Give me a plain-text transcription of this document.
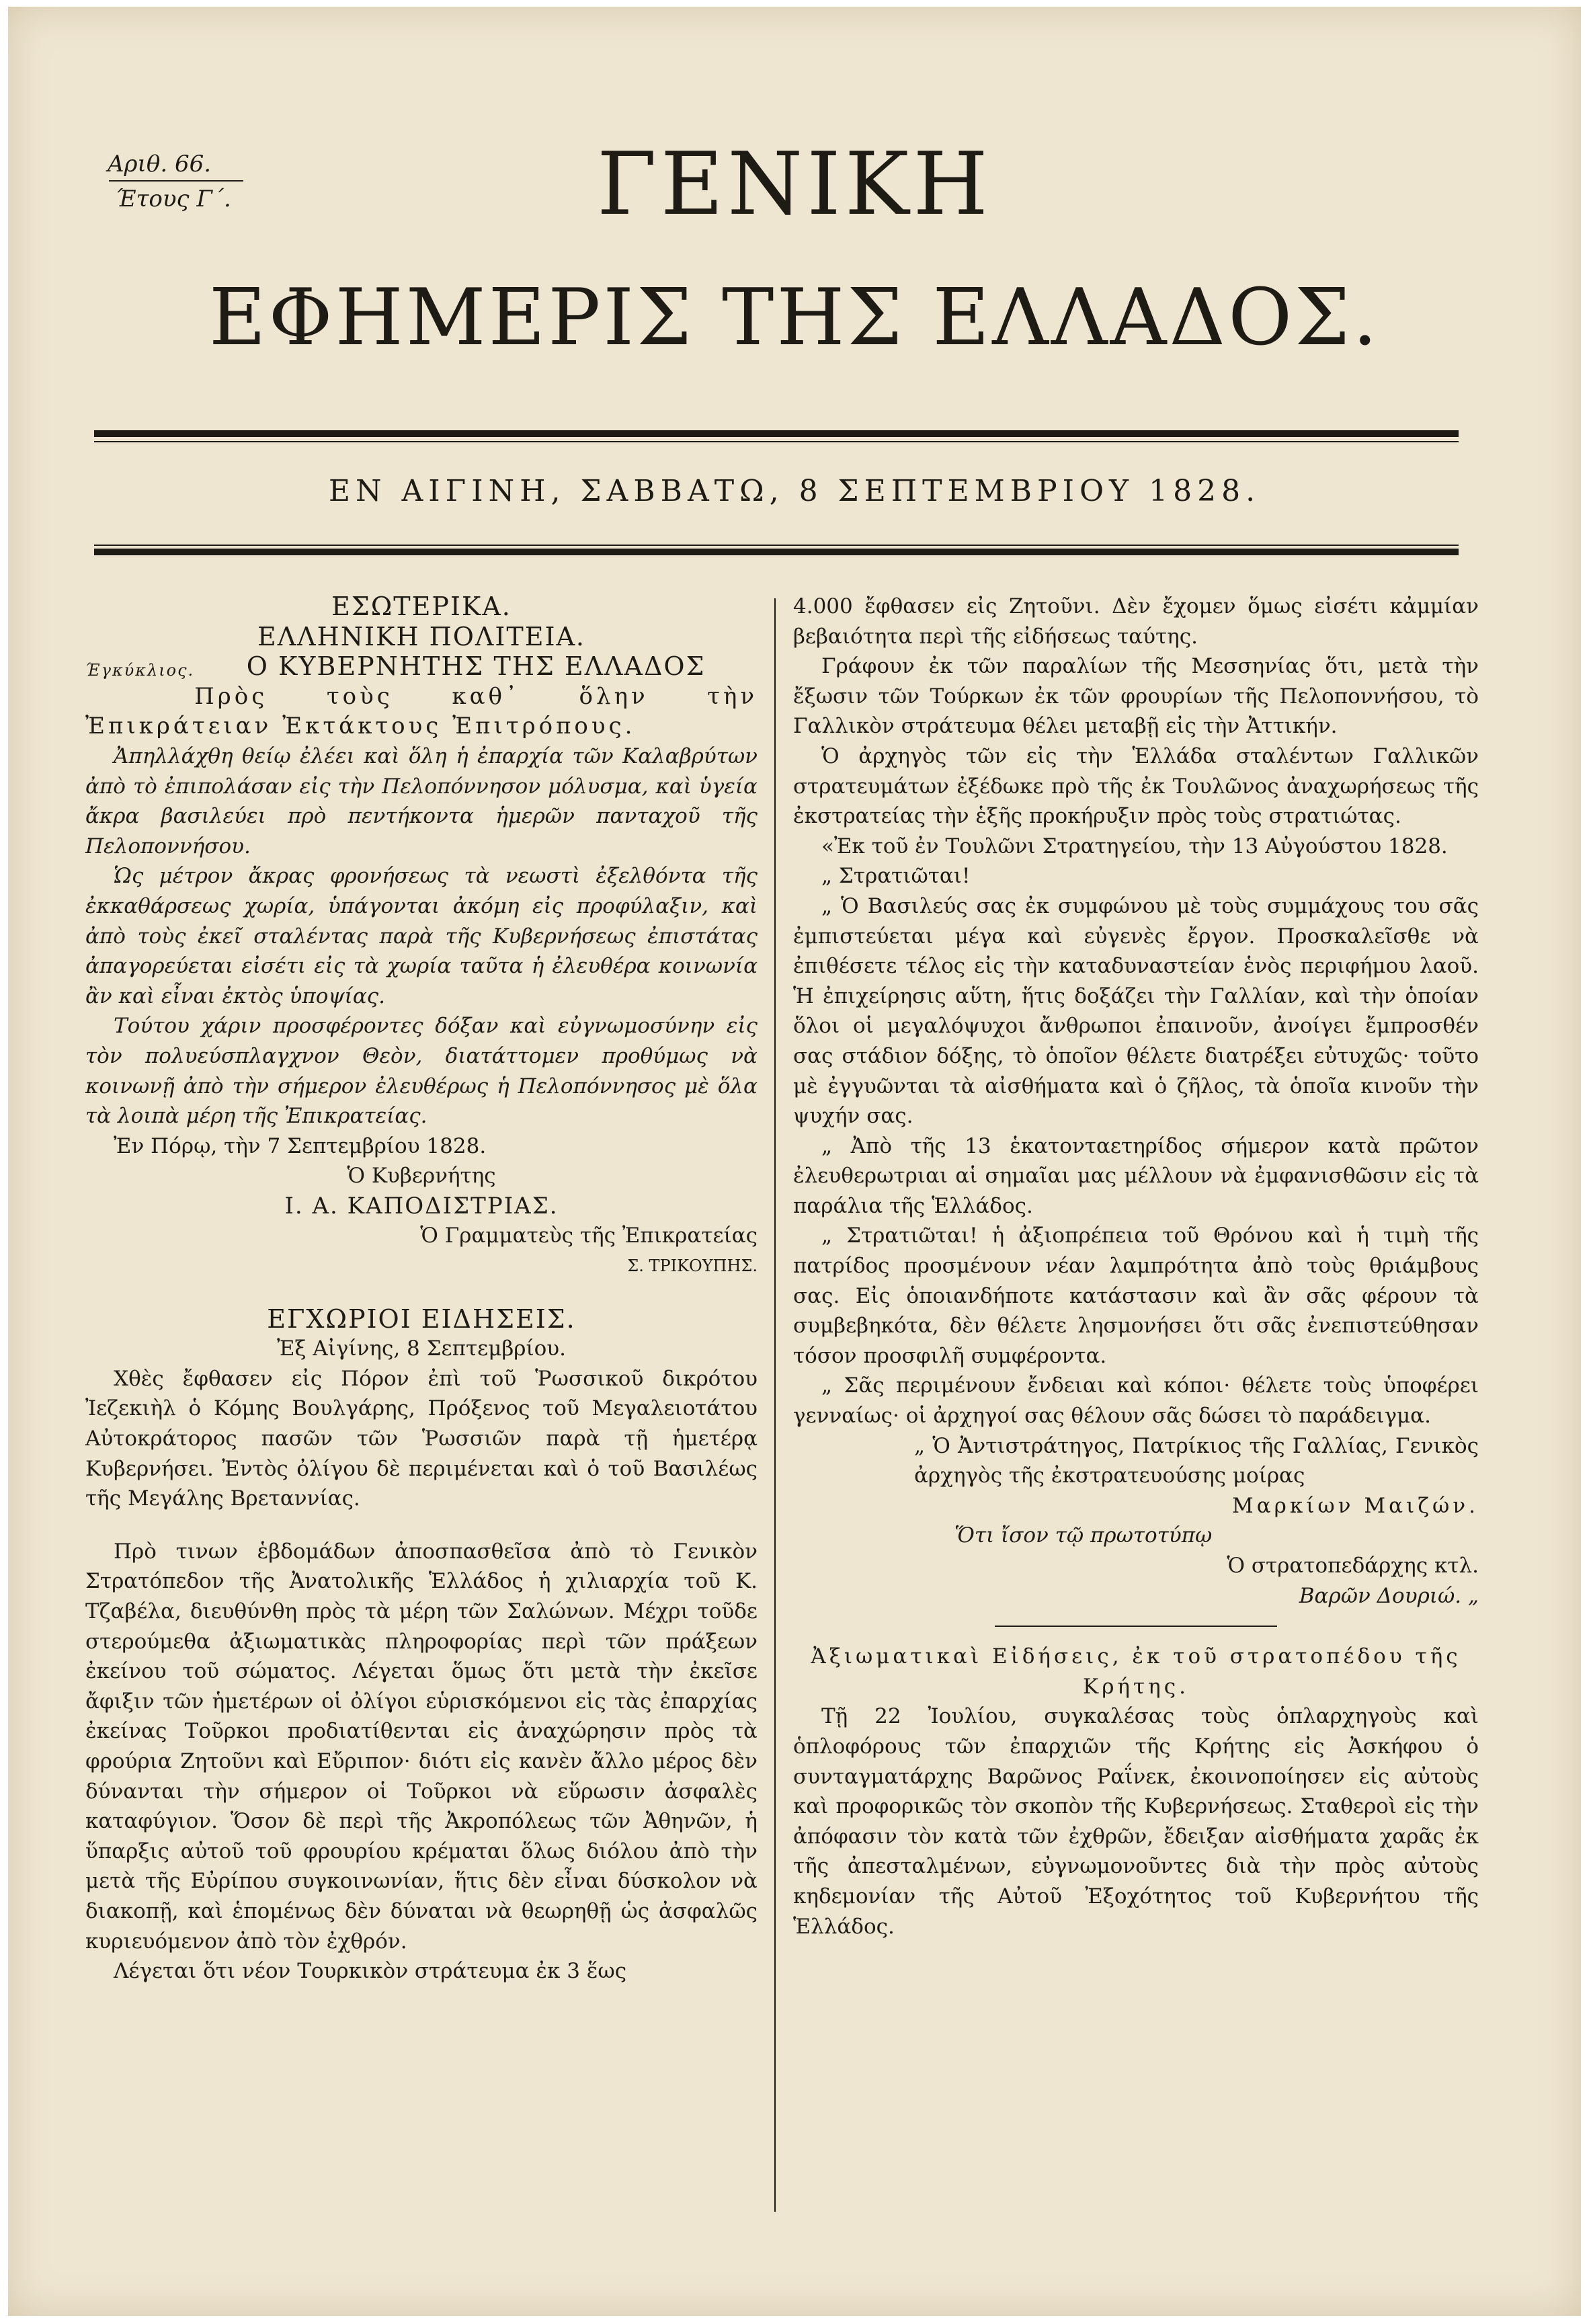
Αριθ. 66.
Έτους Γ΄.	ΓΕΝΙΚΗ
ΕΦΗΜΕΡΙΣ ΤΗΣ ΕΛΛΑΔΟΣ.
ΕΝ ΑΙΓΙΝΗ, ΣΑΒΒΑΤΩ, 8 ΣΕΠΤΕΜΒΡΙΟΥ 1828.

ΕΣΩΤΕΡΙΚΑ.

ΕΛΛΗΝΙΚΗ ΠΟΛΙΤΕΙΑ.

Έγκύκλιος. Ο ΚΥΒΕΡΝΗΤΗΣ ΤΗΣ ΕΛΛΑΔΟΣ

Πρὸς τοὺς καθ᾽ ὅλην τὴν Ἐπικράτειαν Ἐκτάκτους Ἐπιτρόπους.

Ἀπηλλάχθη θείῳ ἐλέει καὶ ὅλη ἡ ἐπαρχία τῶν Καλαβρύτων ἀπὸ τὸ ἐπιπολάσαν εἰς τὴν Πελοπόννησον μόλυσμα, καὶ ὑγεία ἄκρα βασιλεύει πρὸ πεντήκοντα ἡμερῶν πανταχοῦ τῆς Πελοποννήσου.

Ὡς μέτρον ἄκρας φρονήσεως τὰ νεωστὶ ἐξελθόντα τῆς ἐκκαθάρσεως χωρία, ὑπάγονται ἀκόμη εἰς προφύλαξιν, καὶ ἀπὸ τοὺς ἐκεῖ σταλέντας παρὰ τῆς Κυβερνήσεως ἐπιστάτας ἀπαγορεύεται εἰσέτι εἰς τὰ χωρία ταῦτα ἡ ἐλευθέρα κοινωνία ἂν καὶ εἶναι ἐκτὸς ὑποψίας.

Τούτου χάριν προσφέροντες δόξαν καὶ εὐγνωμοσύνην εἰς τὸν πολυεύσπλαγχνον Θεὸν, διατάττομεν προθύμως νὰ κοινωνῇ ἀπὸ τὴν σήμερον ἐλευθέρως ἡ Πελοπόννησος μὲ ὅλα τὰ λοιπὰ μέρη τῆς Ἐπικρατείας.

Ἐν Πόρῳ, τὴν 7 Σεπτεμβρίου 1828.

Ὁ Κυβερνήτης

Ι. Α. ΚΑΠΟΔΙΣΤΡΙΑΣ.

Ὁ Γραμματεὺς τῆς Ἐπικρατείας

Σ. ΤΡΙΚΟΥΠΗΣ.

ΕΓΧΩΡΙΟΙ ΕΙΔΗΣΕΙΣ.

Ἐξ Αἰγίνης, 8 Σεπτεμβρίου.

Χθὲς ἔφθασεν εἰς Πόρον ἐπὶ τοῦ Ῥωσσικοῦ δικρότου Ἰεζεκιὴλ ὁ Κόμης Βουλγάρης, Πρόξενος τοῦ Μεγαλειοτάτου Αὐτοκράτορος πασῶν τῶν Ῥωσσιῶν παρὰ τῇ ἡμετέρᾳ Κυβερνήσει. Ἐντὸς ὀλίγου δὲ περιμένεται καὶ ὁ τοῦ Βασιλέως τῆς Μεγάλης Βρεταννίας.

Πρὸ τινων ἑβδομάδων ἀποσπασθεῖσα ἀπὸ τὸ Γενικὸν Στρατόπεδον τῆς Ἀνατολικῆς Ἑλλάδος ἡ χιλιαρχία τοῦ Κ. Τζαβέλα, διευθύνθη πρὸς τὰ μέρη τῶν Σαλώνων. Μέχρι τοῦδε στερούμεθα ἀξιωματικὰς πληροφορίας περὶ τῶν πράξεων ἐκείνου τοῦ σώματος. Λέγεται ὅμως ὅτι μετὰ τὴν ἐκεῖσε ἄφιξιν τῶν ἡμετέρων οἱ ὀλίγοι εὑρισκόμενοι εἰς τὰς ἐπαρχίας ἐκείνας Τοῦρκοι προδιατίθενται εἰς ἀναχώρησιν πρὸς τὰ φρούρια Ζητοῦνι καὶ Εὔριπον· διότι εἰς κανὲν ἄλλο μέρος δὲν δύνανται τὴν σήμερον οἱ Τοῦρκοι νὰ εὕρωσιν ἀσφαλὲς καταφύγιον. Ὅσον δὲ περὶ τῆς Ἀκροπόλεως τῶν Ἀθηνῶν, ἡ ὕπαρξις αὐτοῦ τοῦ φρουρίου κρέμαται ὅλως διόλου ἀπὸ τὴν μετὰ τῆς Εὐρίπου συγκοινωνίαν, ἥτις δὲν εἶναι δύσκολον νὰ διακοπῇ, καὶ ἑπομένως δὲν δύναται νὰ θεωρηθῇ ὡς ἀσφαλῶς κυριευόμενον ἀπὸ τὸν ἐχθρόν.

Λέγεται ὅτι νέον Τουρκικὸν στράτευμα ἐκ 3 ἕως

4.000 ἔφθασεν εἰς Ζητοῦνι. Δὲν ἔχομεν ὅμως εἰσέτι κἀμμίαν βεβαιότητα περὶ τῆς εἰδήσεως ταύτης.

Γράφουν ἐκ τῶν παραλίων τῆς Μεσσηνίας ὅτι, μετὰ τὴν ἔξωσιν τῶν Τούρκων ἐκ τῶν φρουρίων τῆς Πελοποννήσου, τὸ Γαλλικὸν στράτευμα θέλει μεταβῇ εἰς τὴν Ἀττικήν.

Ὁ ἀρχηγὸς τῶν εἰς τὴν Ἑλλάδα σταλέντων Γαλλικῶν στρατευμάτων ἐξέδωκε πρὸ τῆς ἐκ Τουλῶνος ἀναχωρήσεως τῆς ἐκστρατείας τὴν ἑξῆς προκήρυξιν πρὸς τοὺς στρατιώτας.

«Ἐκ τοῦ ἐν Τουλῶνι Στρατηγείου, τὴν 13 Αὐγούστου 1828.

„ Στρατιῶται!

„ Ὁ Βασιλεύς σας ἐκ συμφώνου μὲ τοὺς συμμάχους του σᾶς ἐμπιστεύεται μέγα καὶ εὐγενὲς ἔργον. Προσκαλεῖσθε νὰ ἐπιθέσετε τέλος εἰς τὴν καταδυναστείαν ἑνὸς περιφήμου λαοῦ. Ἡ ἐπιχείρησις αὕτη, ἥτις δοξάζει τὴν Γαλλίαν, καὶ τὴν ὁποίαν ὅλοι οἱ μεγαλόψυχοι ἄνθρωποι ἐπαινοῦν, ἀνοίγει ἔμπροσθέν σας στάδιον δόξης, τὸ ὁποῖον θέλετε διατρέξει εὐτυχῶς· τοῦτο μὲ ἐγγυῶνται τὰ αἰσθήματα καὶ ὁ ζῆλος, τὰ ὁποῖα κινοῦν τὴν ψυχήν σας.

„ Ἀπὸ τῆς 13 ἑκατονταετηρίδος σήμερον κατὰ πρῶτον ἐλευθερωτριαι αἱ σημαῖαι μας μέλλουν νὰ ἐμφανισθῶσιν εἰς τὰ παράλια τῆς Ἑλλάδος.

„ Στρατιῶται! ἡ ἀξιοπρέπεια τοῦ Θρόνου καὶ ἡ τιμὴ τῆς πατρίδος προσμένουν νέαν λαμπρότητα ἀπὸ τοὺς θριάμβους σας. Εἰς ὁποιανδήποτε κατάστασιν καὶ ἂν σᾶς φέρουν τὰ συμβεβηκότα, δὲν θέλετε λησμονήσει ὅτι σᾶς ἐνεπιστεύθησαν τόσον προσφιλῆ συμφέροντα.

„ Σᾶς περιμένουν ἔνδειαι καὶ κόποι· θέλετε τοὺς ὑποφέρει γενναίως· οἱ ἀρχηγοί σας θέλουν σᾶς δώσει τὸ παράδειγμα.

„ Ὁ Ἀντιστράτηγος, Πατρίκιος τῆς Γαλλίας, Γενικὸς ἀρχηγὸς τῆς ἐκστρατευούσης μοίρας

Μαρκίων Μαιζών.

Ὅτι ἴσον τῷ πρωτοτύπῳ

Ὁ στρατοπεδάρχης κτλ.

Βαρῶν Δουριώ. „

Ἀξιωματικαὶ Εἰδήσεις, ἐκ τοῦ στρατοπέδου τῆς Κρήτης.

Τῇ 22 Ἰουλίου, συγκαλέσας τοὺς ὁπλαρχηγοὺς καὶ ὁπλοφόρους τῶν ἐπαρχιῶν τῆς Κρήτης εἰς Ἀσκήφου ὁ συνταγματάρχης Βαρῶνος Ραΐνεκ, ἐκοινοποίησεν εἰς αὐτοὺς καὶ προφορικῶς τὸν σκοπὸν τῆς Κυβερνήσεως. Σταθεροὶ εἰς τὴν ἀπόφασιν τὸν κατὰ τῶν ἐχθρῶν, ἔδειξαν αἰσθήματα χαρᾶς ἐκ τῆς ἀπεσταλμένων, εὐγνωμονοῦντες διὰ τὴν πρὸς αὐτοὺς κηδεμονίαν τῆς Αὐτοῦ Ἐξοχότητος τοῦ Κυβερνήτου τῆς Ἑλλάδος.
